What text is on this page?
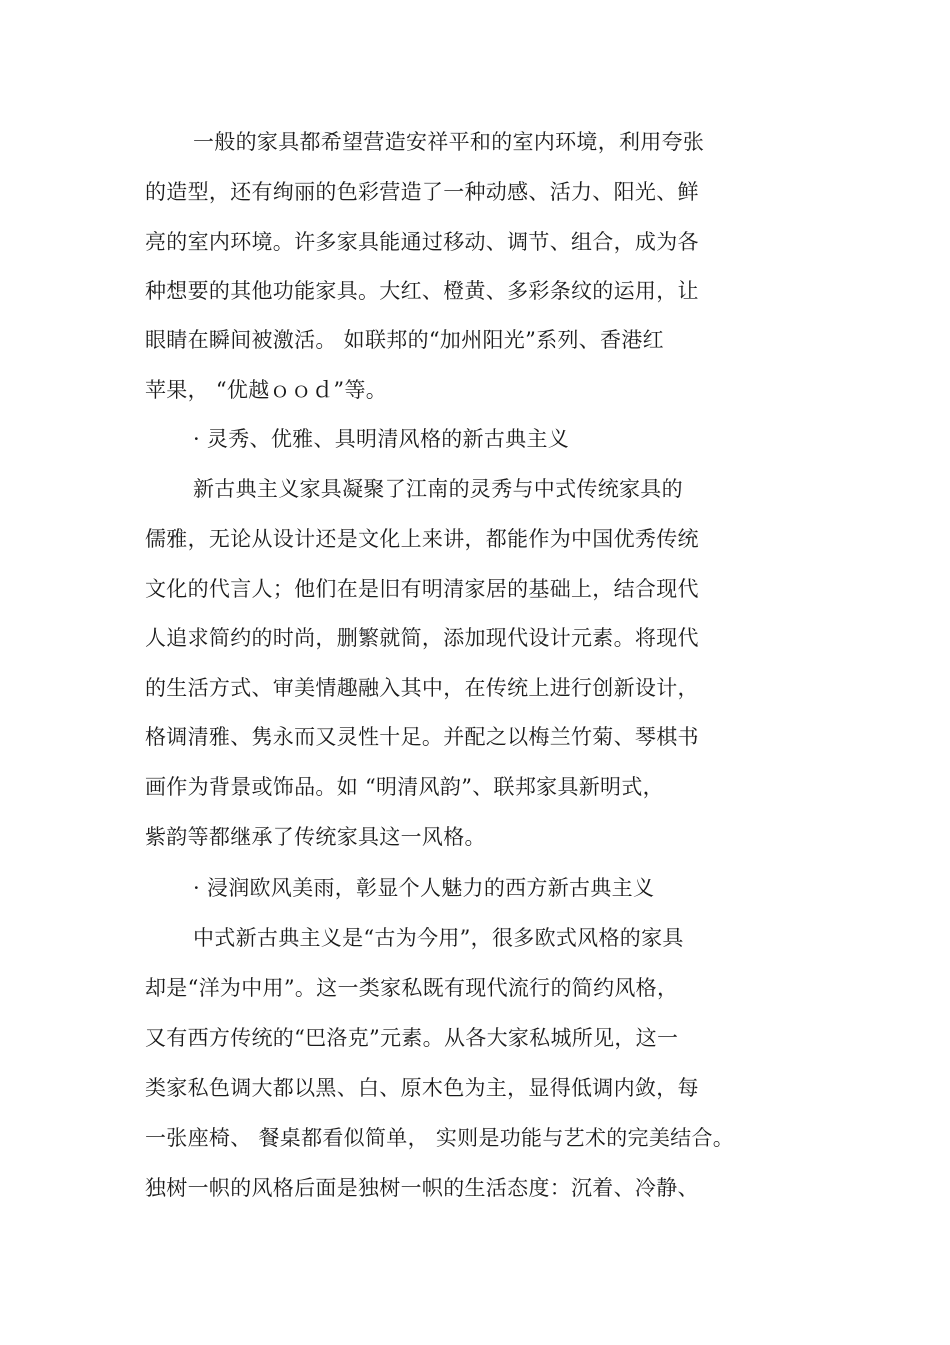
一般的家具都希望营造安祥平和的室内环境，利用夸张
的造型，还有绚丽的色彩营造了一种动感、活力、阳光、鲜
亮的室内环境。许多家具能通过移动、调节、组合，成为各
种想要的其他功能家具。大红、橙黄、多彩条纹的运用，让
眼睛在瞬间被激活。 如联邦的“加州阳光”系列、香港红
苹果， “优越ｏｏｄ”等。
· 灵秀、优雅、具明清风格的新古典主义
新古典主义家具凝聚了江南的灵秀与中式传统家具的
儒雅，无论从设计还是文化上来讲，都能作为中国优秀传统
文化的代言人；他们在是旧有明清家居的基础上，结合现代
人追求简约的时尚，删繁就简，添加现代设计元素。将现代
的生活方式、审美情趣融入其中，在传统上进行创新设计，
格调清雅、隽永而又灵性十足。并配之以梅兰竹菊、琴棋书
画作为背景或饰品。如 “明清风韵”、联邦家具新明式，
紫韵等都继承了传统家具这一风格。
· 浸润欧风美雨，彰显个人魅力的西方新古典主义
中式新古典主义是“古为今用”，很多欧式风格的家具
却是“洋为中用”。这一类家私既有现代流行的简约风格，
又有西方传统的“巴洛克”元素。从各大家私城所见，这一
类家私色调大都以黑、白、原木色为主，显得低调内敛，每
一张座椅、 餐桌都看似简单， 实则是功能与艺术的完美结合。
独树一帜的风格后面是独树一帜的生活态度：沉着、冷静、
